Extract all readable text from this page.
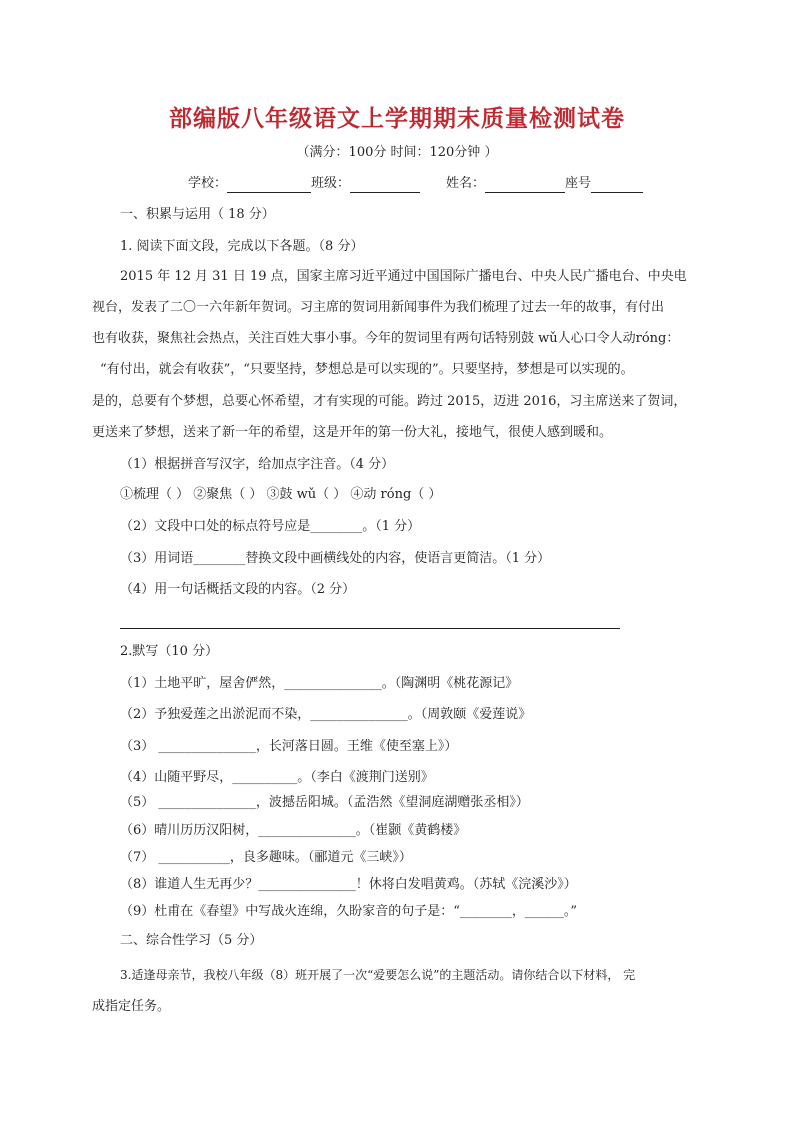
部编版八年级语文上学期期末质量检测试卷
（满分：100分 时间：120分钟 ）
学校：	班级：	姓名：	座号
一、积累与运用（ 18 分）
1. 阅读下面文段，完成以下各题。（8 分）
2015 年 12 月 31 日 19 点，国家主席习近平通过中国国际广播电台、中央人民广播电台、中央电
视台，发表了二〇一六年新年贺词。习主席的贺词用新闻事件为我们梳理了过去一年的故事，有付出
也有收获，聚焦社会热点，关注百姓大事小事。今年的贺词里有两句话特别鼓 wǔ人心口令人动róng：
“有付出，就会有收获”，“只要坚持，梦想总是可以实现的”。只要坚持，梦想是可以实现的。
是的，总要有个梦想，总要心怀希望，才有实现的可能。跨过 2015，迈进 2016，习主席送来了贺词，
更送来了梦想，送来了新一年的希望，这是开年的第一份大礼，接地气，很使人感到暖和。
（1）根据拼音写汉字，给加点字注音。（4 分）
①梳理（ ） ②聚焦（ ） ③鼓 wǔ（ ） ④动 róng（ ）
（2）文段中口处的标点符号应是________。（1 分）
（3）用词语________替换文段中画横线处的内容，使语言更简洁。（1 分）
（4）用一句话概括文段的内容。（2 分）
2.默写（10 分）
（1）土地平旷，屋舍俨然，_______________。（陶渊明《桃花源记》
（2）予独爱莲之出淤泥而不染，_______________。（周敦颐《爱莲说》
（3） _______________，长河落日圆。王维《使至塞上》）
（4）山随平野尽，__________。（李白《渡荆门送别》
（5） _______________，波撼岳阳城。（孟浩然《望洞庭湖赠张丞相》）
（6）晴川历历汉阳树，_______________。（崔颢《黄鹤楼》
（7） ___________，良多趣味。（郦道元《三峡》）
（8）谁道人生无再少？_______________！休将白发唱黄鸡。（苏轼《浣溪沙》）
（9）杜甫在《春望》中写战火连绵，久盼家音的句子是：“________，______。”
二、综合性学习（5 分）
3.适逢母亲节，我校八年级（8）班开展了一次“爱要怎么说”的主题活动。请你结合以下材料， 完
成指定任务。
